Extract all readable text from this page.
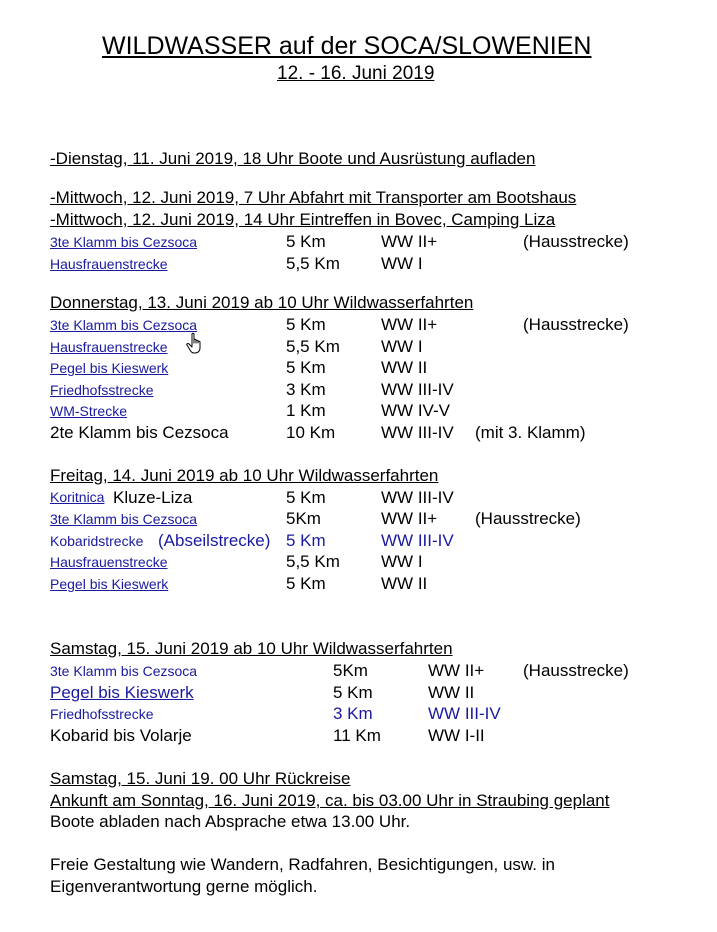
WILDWASSER auf der SOCA/SLOWENIEN
12. - 16. Juni 2019
-Dienstag, 11. Juni 2019, 18 Uhr Boote und Ausrüstung aufladen
-Mittwoch, 12. Juni 2019, 7 Uhr Abfahrt mit Transporter am Bootshaus
-Mittwoch, 12. Juni 2019, 14 Uhr Eintreffen in Bovec, Camping Liza
3te Klamm bis Cezsoca	5 Km	WW II+	(Hausstrecke)
Hausfrauenstrecke	5,5 Km WW I
Donnerstag, 13. Juni 2019 ab 10 Uhr Wildwasserfahrten
3te Klamm bis Cezsoca	5 Km	WW II+	(Hausstrecke)
Hausfrauenstrecke	5,5 Km WW I
Pegel bis Kieswerk	5 Km	WW II
Friedhofsstrecke	3 Km	WW III-IV
WM-Strecke	1 Km	WW IV-V
2te Klamm bis Cezsoca	10 Km	WW III-IV (mit 3. Klamm)
Freitag, 14. Juni 2019 ab 10 Uhr Wildwasserfahrten
Koritnica Kluze-Liza	5 Km	WW III-IV
3te Klamm bis Cezsoca	5Km	WW II+ (Hausstrecke)
Kobaridstrecke (Abseilstrecke) 5 Km	WW III-IV
Hausfrauenstrecke	5,5 Km WW I
Pegel bis Kieswerk	5 Km	WW II
Samstag, 15. Juni 2019 ab 10 Uhr Wildwasserfahrten
3te Klamm bis Cezsoca	5Km	WW II+ (Hausstrecke)
Pegel bis Kieswerk	5 Km	WW II
Friedhofsstrecke	3 Km	WW III-IV
Kobarid bis Volarje	11 Km	WW I-II
Samstag, 15. Juni 19. 00 Uhr Rückreise
Ankunft am Sonntag, 16. Juni 2019, ca. bis 03.00 Uhr in Straubing geplant
Boote abladen nach Absprache etwa 13.00 Uhr.
Freie Gestaltung wie Wandern, Radfahren, Besichtigungen, usw. in
Eigenverantwortung gerne möglich.
